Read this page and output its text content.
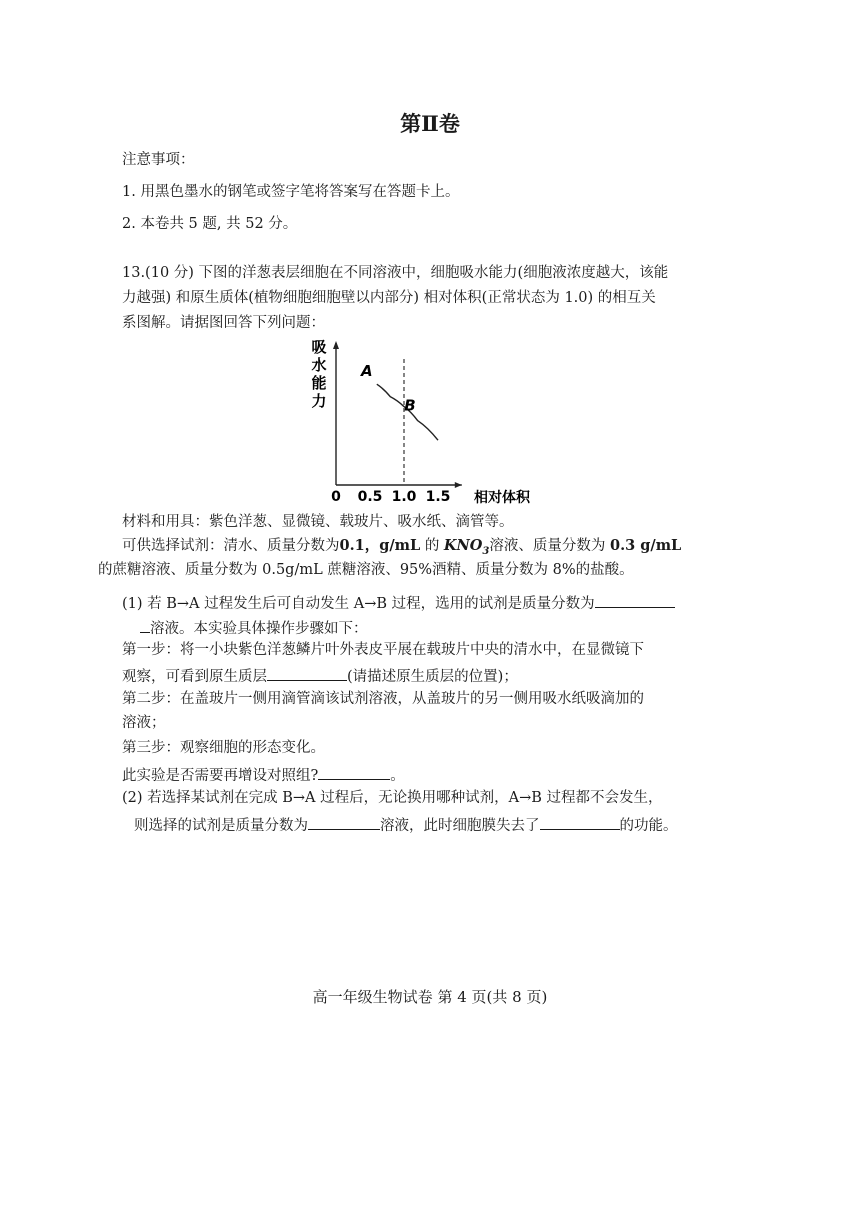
第Ⅱ卷
注意事项：
1. 用黑色墨水的钢笔或签字笔将答案写在答题卡上。
2. 本卷共 5 题, 共 52 分。
13.(10 分) 下图的洋葱表层细胞在不同溶液中，细胞吸水能力(细胞液浓度越大，该能
力越强) 和原生质体(植物细胞细胞壁以内部分) 相对体积(正常状态为 1.0) 的相互关
系图解。请据图回答下列问题：
吸
水
能
力
0 0.5 1.0 1.5 相对体积
A
B
材料和用具：紫色洋葱、显微镜、载玻片、吸水纸、滴管等。
可供选择试剂：清水、质量分数为0.1，g/mL 的 $KNO_3$溶液、质量分数为 0.3 g/mL
的蔗糖溶液、质量分数为 0.5g/mL 蔗糖溶液、95%酒精、质量分数为 8%的盐酸。
(1) 若 B→A 过程发生后可自动发生 A→B 过程，选用的试剂是质量分数为
溶液。本实验具体操作步骤如下：
第一步：将一小块紫色洋葱鳞片叶外表皮平展在载玻片中央的清水中，在显微镜下
观察，可看到原生质层	(请描述原生质层的位置)；
第二步：在盖玻片一侧用滴管滴该试剂溶液，从盖玻片的另一侧用吸水纸吸滴加的
溶液；
第三步：观察细胞的形态变化。
此实验是否需要再增设对照组?	。
(2) 若选择某试剂在完成 B→A 过程后，无论换用哪种试剂，A→B 过程都不会发生，
则选择的试剂是质量分数为	溶液，此时细胞膜失去了	的功能。
高一年级生物试卷 第 4 页(共 8 页)
